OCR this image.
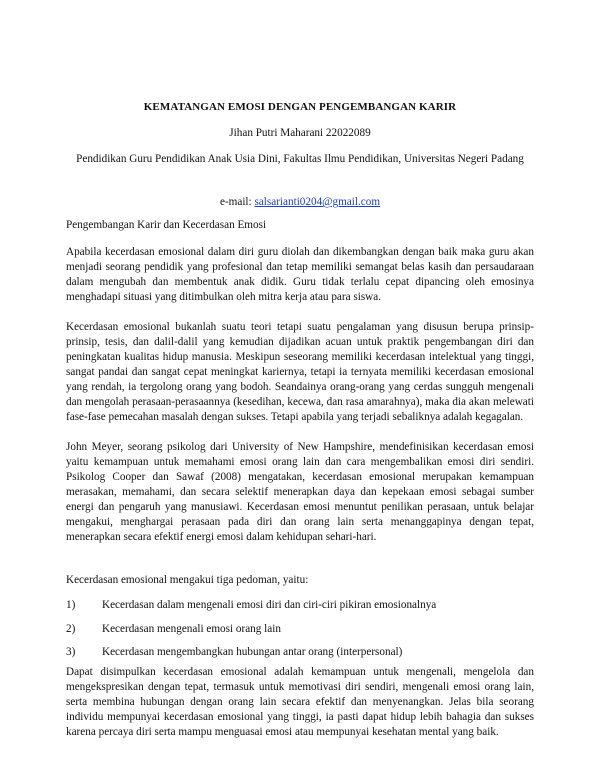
KEMATANGAN EMOSI DENGAN PENGEMBANGAN KARIR
Jihan Putri Maharani 22022089
Pendidikan Guru Pendidikan Anak Usia Dini, Fakultas Ilmu Pendidikan, Universitas Negeri Padang
e-mail: salsarianti0204@gmail.com
Pengembangan Karir dan Kecerdasan Emosi
Apabila kecerdasan emosional dalam diri guru diolah dan dikembangkan dengan baik maka guru akan menjadi seorang pendidik yang profesional dan tetap memiliki semangat belas kasih dan persaudaraan dalam mengubah dan membentuk anak didik. Guru tidak terlalu cepat dipancing oleh emosinya menghadapi situasi yang ditimbulkan oleh mitra kerja atau para siswa.
Kecerdasan emosional bukanlah suatu teori tetapi suatu pengalaman yang disusun berupa prinsip-prinsip, tesis, dan dalil-dalil yang kemudian dijadikan acuan untuk praktik pengembangan diri dan peningkatan kualitas hidup manusia. Meskipun seseorang memiliki kecerdasan intelektual yang tinggi, sangat pandai dan sangat cepat meningkat kariernya, tetapi ia ternyata memiliki kecerdasan emosional yang rendah, ia tergolong orang yang bodoh. Seandainya orang-orang yang cerdas sungguh mengenali dan mengolah perasaan-perasaannya (kesedihan, kecewa, dan rasa amarahnya), maka dia akan melewati fase-fase pemecahan masalah dengan sukses. Tetapi apabila yang terjadi sebaliknya adalah kegagalan.
John Meyer, seorang psikolog dari University of New Hampshire, mendefinisikan kecerdasan emosi yaitu kemampuan untuk memahami emosi orang lain dan cara mengembalikan emosi diri sendiri. Psikolog Cooper dan Sawaf (2008) mengatakan, kecerdasan emosional merupakan kemampuan merasakan, memahami, dan secara selektif menerapkan daya dan kepekaan emosi sebagai sumber energi dan pengaruh yang manusiawi. Kecerdasan emosi menuntut penilikan perasaan, untuk belajar mengakui, menghargai perasaan pada diri dan orang lain serta menanggapinya dengan tepat, menerapkan secara efektif energi emosi dalam kehidupan sehari-hari.
Kecerdasan emosional mengakui tiga pedoman, yaitu:
1) Kecerdasan dalam mengenali emosi diri dan ciri-ciri pikiran emosionalnya
2) Kecerdasan mengenali emosi orang lain
3) Kecerdasan mengembangkan hubungan antar orang (interpersonal)
Dapat disimpulkan kecerdasan emosional adalah kemampuan untuk mengenali, mengelola dan mengekspresikan dengan tepat, termasuk untuk memotivasi diri sendiri, mengenali emosi orang lain, serta membina hubungan dengan orang lain secara efektif dan menyenangkan. Jelas bila seorang individu mempunyai kecerdasan emosional yang tinggi, ia pasti dapat hidup lebih bahagia dan sukses karena percaya diri serta mampu menguasai emosi atau mempunyai kesehatan mental yang baik.
